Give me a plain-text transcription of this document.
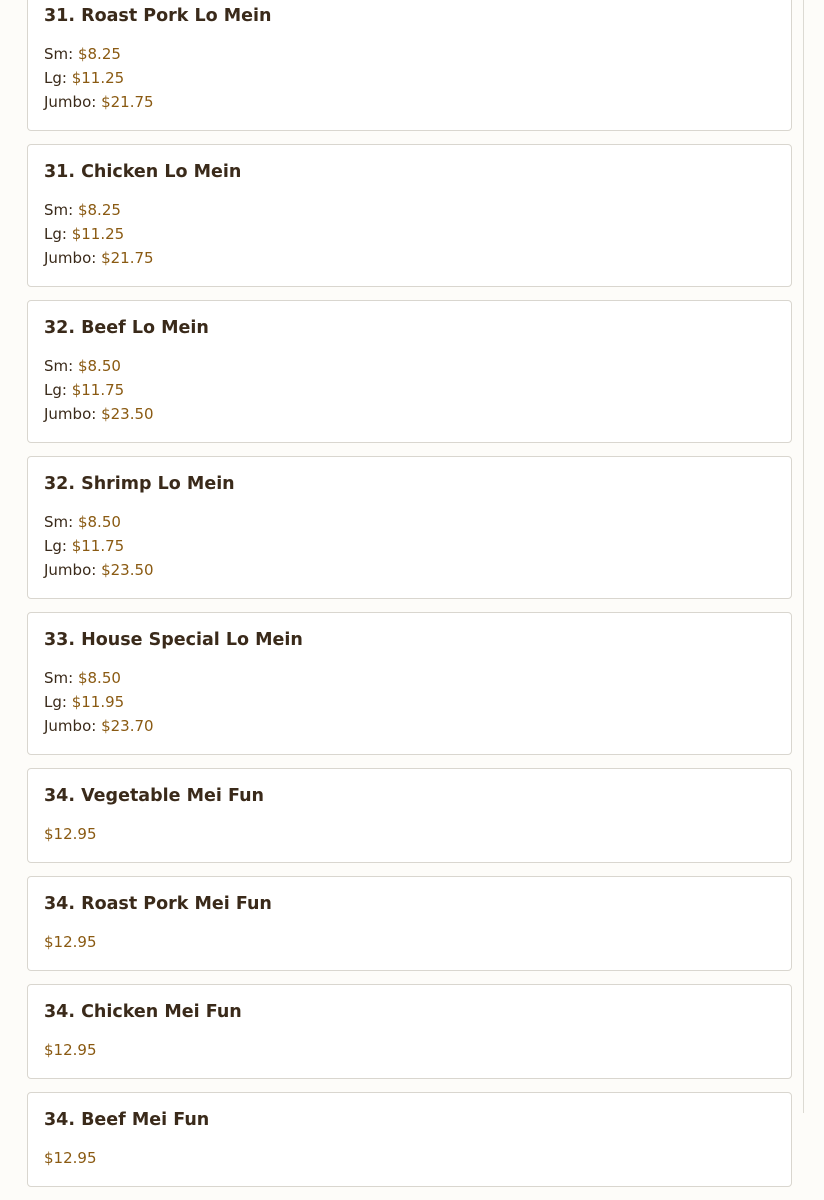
31. Roast Pork Lo Mein
Sm: $8.25
Lg: $11.25
Jumbo: $21.75
31. Chicken Lo Mein
Sm: $8.25
Lg: $11.25
Jumbo: $21.75
32. Beef Lo Mein
Sm: $8.50
Lg: $11.75
Jumbo: $23.50
32. Shrimp Lo Mein
Sm: $8.50
Lg: $11.75
Jumbo: $23.50
33. House Special Lo Mein
Sm: $8.50
Lg: $11.95
Jumbo: $23.70
34. Vegetable Mei Fun
$12.95
34. Roast Pork Mei Fun
$12.95
34. Chicken Mei Fun
$12.95
34. Beef Mei Fun
$12.95
